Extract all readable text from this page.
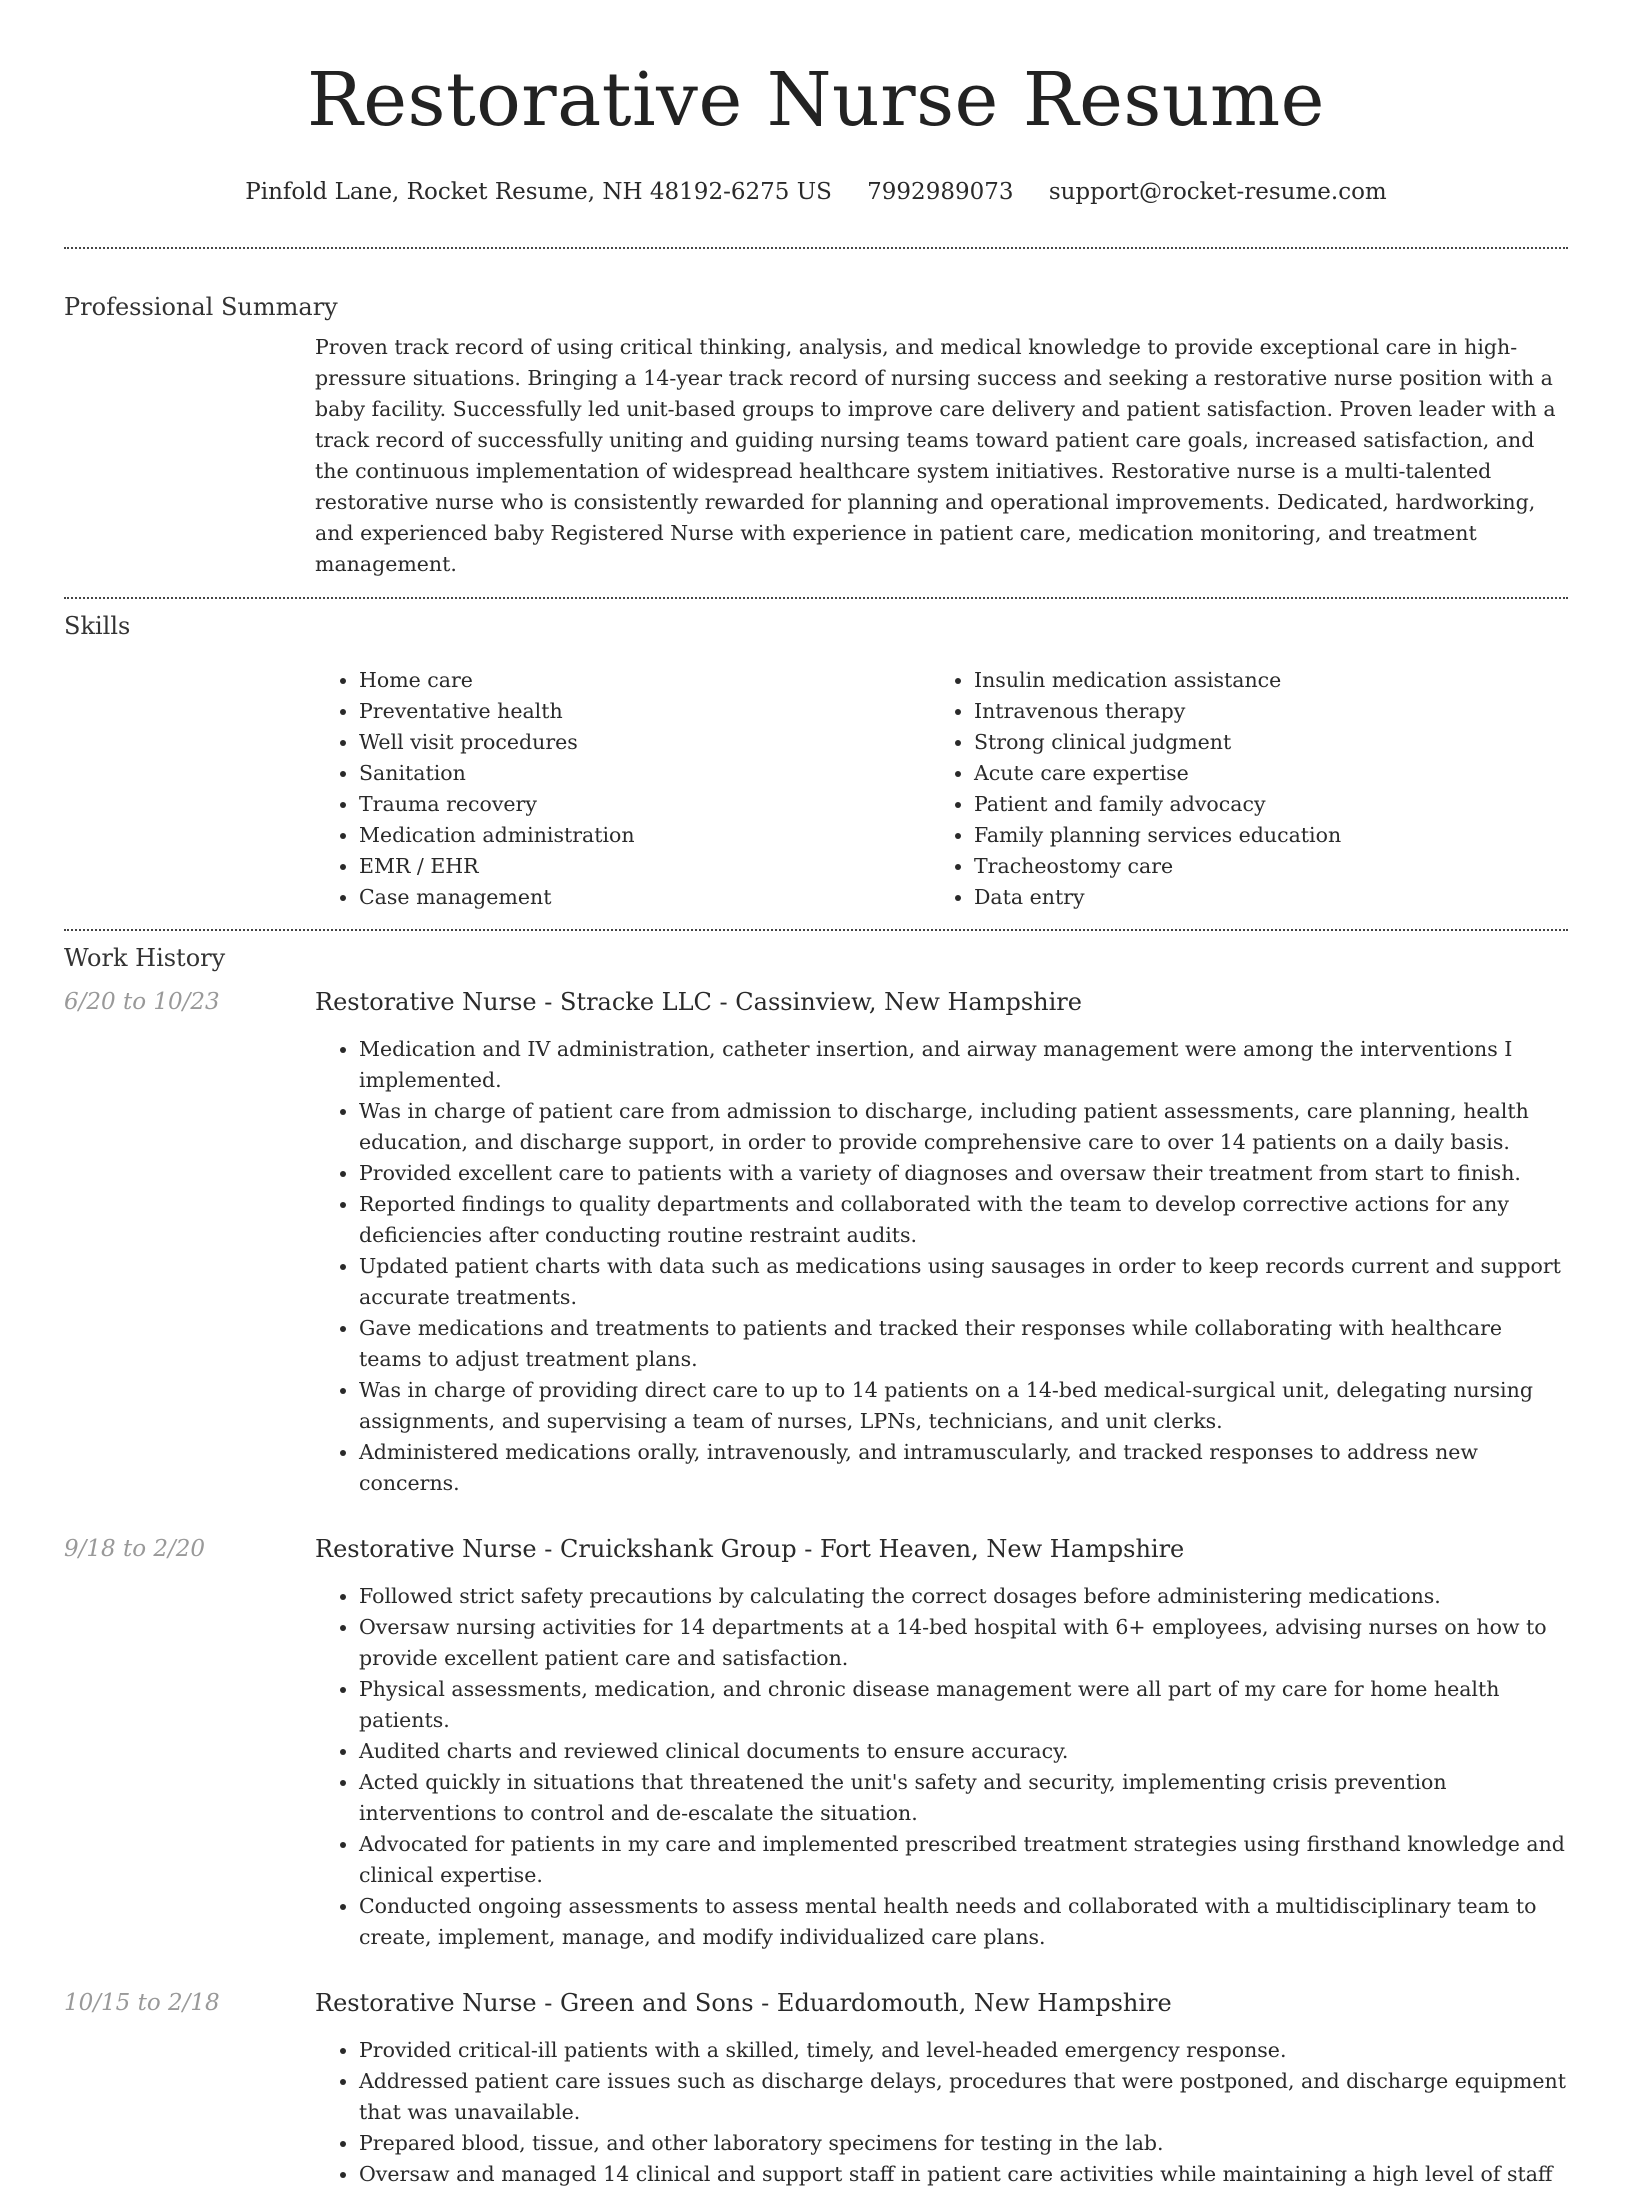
Restorative Nurse Resume
Pinfold Lane, Rocket Resume, NH 48192-6275 US 7992989073 support@rocket-resume.com
Professional Summary

Proven track record of using critical thinking, analysis, and medical knowledge to provide exceptional care in high-pressure situations. Bringing a 14-year track record of nursing success and seeking a restorative nurse position with a baby facility. Successfully led unit-based groups to improve care delivery and patient satisfaction. Proven leader with a track record of successfully uniting and guiding nursing teams toward patient care goals, increased satisfaction, and the continuous implementation of widespread healthcare system initiatives. Restorative nurse is a multi-talented restorative nurse who is consistently rewarded for planning and operational improvements. Dedicated, hardworking, and experienced baby Registered Nurse with experience in patient care, medication monitoring, and treatment management.

Skills
• Home care
• Preventative health
• Well visit procedures
• Sanitation
• Trauma recovery
• Medication administration
• EMR / EHR
• Case management
• Insulin medication assistance
• Intravenous therapy
• Strong clinical judgment
• Acute care expertise
• Patient and family advocacy
• Family planning services education
• Tracheostomy care
• Data entry
Work History
6/20 to 10/23	Restorative Nurse - Stracke LLC - Cassinview, New Hampshire
• Medication and IV administration, catheter insertion, and airway management were among the interventions I implemented.
• Was in charge of patient care from admission to discharge, including patient assessments, care planning, health education, and discharge support, in order to provide comprehensive care to over 14 patients on a daily basis.
• Provided excellent care to patients with a variety of diagnoses and oversaw their treatment from start to finish.
• Reported findings to quality departments and collaborated with the team to develop corrective actions for any deficiencies after conducting routine restraint audits.
• Updated patient charts with data such as medications using sausages in order to keep records current and support accurate treatments.
• Gave medications and treatments to patients and tracked their responses while collaborating with healthcare teams to adjust treatment plans.
• Was in charge of providing direct care to up to 14 patients on a 14-bed medical-surgical unit, delegating nursing assignments, and supervising a team of nurses, LPNs, technicians, and unit clerks.
• Administered medications orally, intravenously, and intramuscularly, and tracked responses to address new concerns.
9/18 to 2/20	Restorative Nurse - Cruickshank Group - Fort Heaven, New Hampshire
• Followed strict safety precautions by calculating the correct dosages before administering medications.
• Oversaw nursing activities for 14 departments at a 14-bed hospital with 6+ employees, advising nurses on how to provide excellent patient care and satisfaction.
• Physical assessments, medication, and chronic disease management were all part of my care for home health patients.
• Audited charts and reviewed clinical documents to ensure accuracy.
• Acted quickly in situations that threatened the unit's safety and security, implementing crisis prevention interventions to control and de-escalate the situation.
• Advocated for patients in my care and implemented prescribed treatment strategies using firsthand knowledge and clinical expertise.
• Conducted ongoing assessments to assess mental health needs and collaborated with a multidisciplinary team to create, implement, manage, and modify individualized care plans.
10/15 to 2/18	Restorative Nurse - Green and Sons - Eduardomouth, New Hampshire
• Provided critical-ill patients with a skilled, timely, and level-headed emergency response.
• Addressed patient care issues such as discharge delays, procedures that were postponed, and discharge equipment that was unavailable.
• Prepared blood, tissue, and other laboratory specimens for testing in the lab.
• Oversaw and managed 14 clinical and support staff in patient care activities while maintaining a high level of staff
